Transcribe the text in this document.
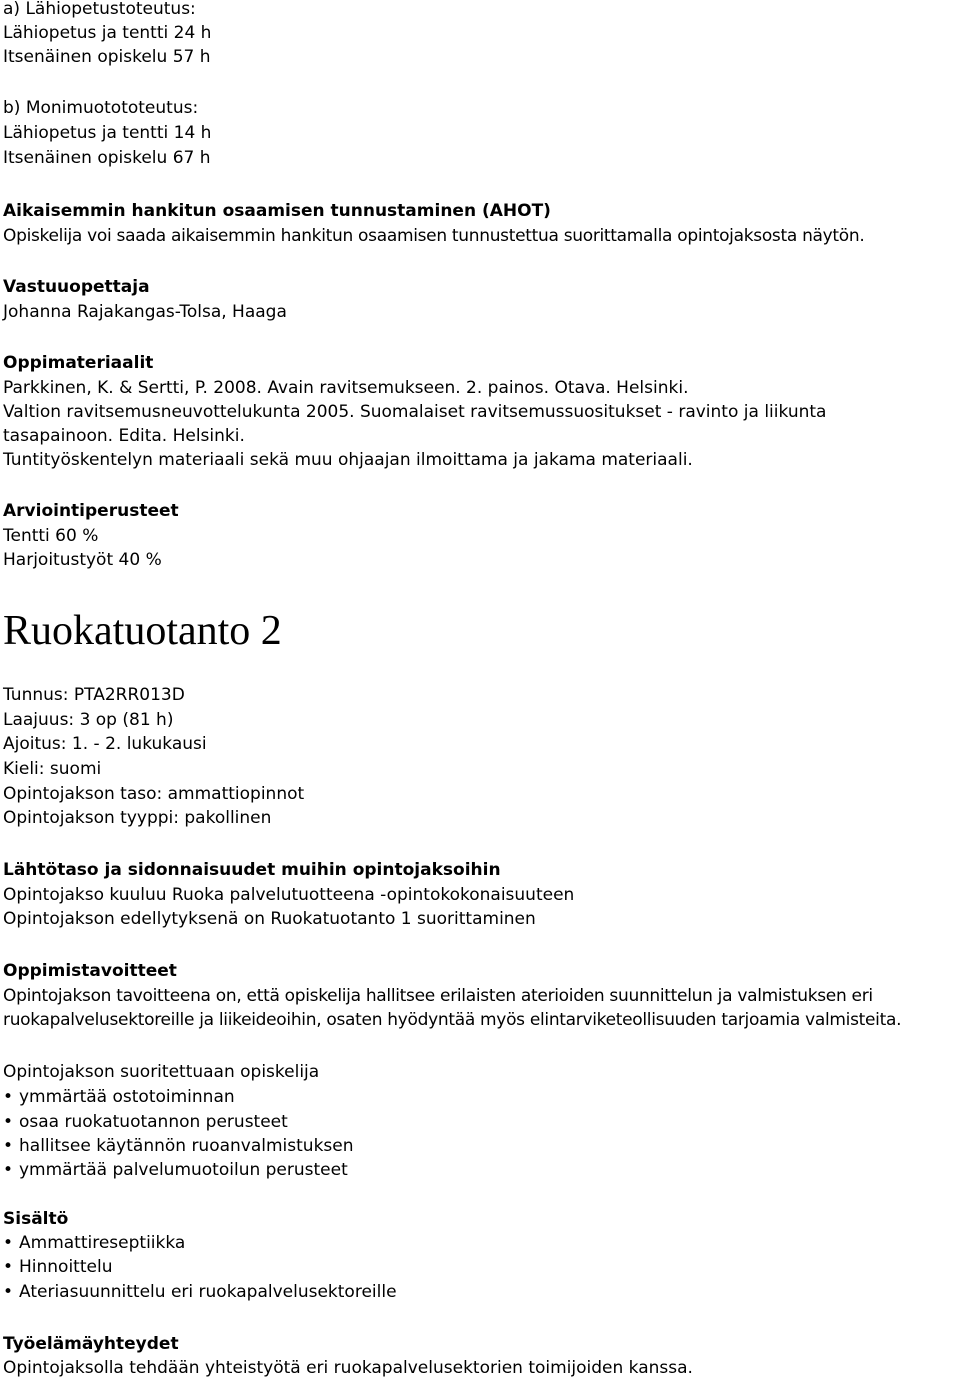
a) Lähiopetustoteutus:
Lähiopetus ja tentti 24 h
Itsenäinen opiskelu 57 h
b) Monimuotototeutus:
Lähiopetus ja tentti 14 h
Itsenäinen opiskelu 67 h
Aikaisemmin hankitun osaamisen tunnustaminen (AHOT)
Opiskelija voi saada aikaisemmin hankitun osaamisen tunnustettua suorittamalla opintojaksosta näytön.
Vastuuopettaja
Johanna Rajakangas-Tolsa, Haaga
Oppimateriaalit
Parkkinen, K. & Sertti, P. 2008. Avain ravitsemukseen. 2. painos. Otava. Helsinki.
Valtion ravitsemusneuvottelukunta 2005. Suomalaiset ravitsemussuositukset - ravinto ja liikunta
tasapainoon. Edita. Helsinki.
Tuntityöskentelyn materiaali sekä muu ohjaajan ilmoittama ja jakama materiaali.
Arviointiperusteet
Tentti 60 %
Harjoitustyöt 40 %
Ruokatuotanto 2
Tunnus: PTA2RR013D
Laajuus: 3 op (81 h)
Ajoitus: 1. - 2. lukukausi
Kieli: suomi
Opintojakson taso: ammattiopinnot
Opintojakson tyyppi: pakollinen
Lähtötaso ja sidonnaisuudet muihin opintojaksoihin
Opintojakso kuuluu Ruoka palvelutuotteena -opintokokonaisuuteen
Opintojakson edellytyksenä on Ruokatuotanto 1 suorittaminen
Oppimistavoitteet
Opintojakson tavoitteena on, että opiskelija hallitsee erilaisten aterioiden suunnittelun ja valmistuksen eri
ruokapalvelusektoreille ja liikeideoihin, osaten hyödyntää myös elintarviketeollisuuden tarjoamia valmisteita.
Opintojakson suoritettuaan opiskelija
• ymmärtää ostotoiminnan
• osaa ruokatuotannon perusteet
• hallitsee käytännön ruoanvalmistuksen
• ymmärtää palvelumuotoilun perusteet
Sisältö
• Ammattireseptiikka
• Hinnoittelu
• Ateriasuunnittelu eri ruokapalvelusektoreille
Työelämäyhteydet
Opintojaksolla tehdään yhteistyötä eri ruokapalvelusektorien toimijoiden kanssa.
